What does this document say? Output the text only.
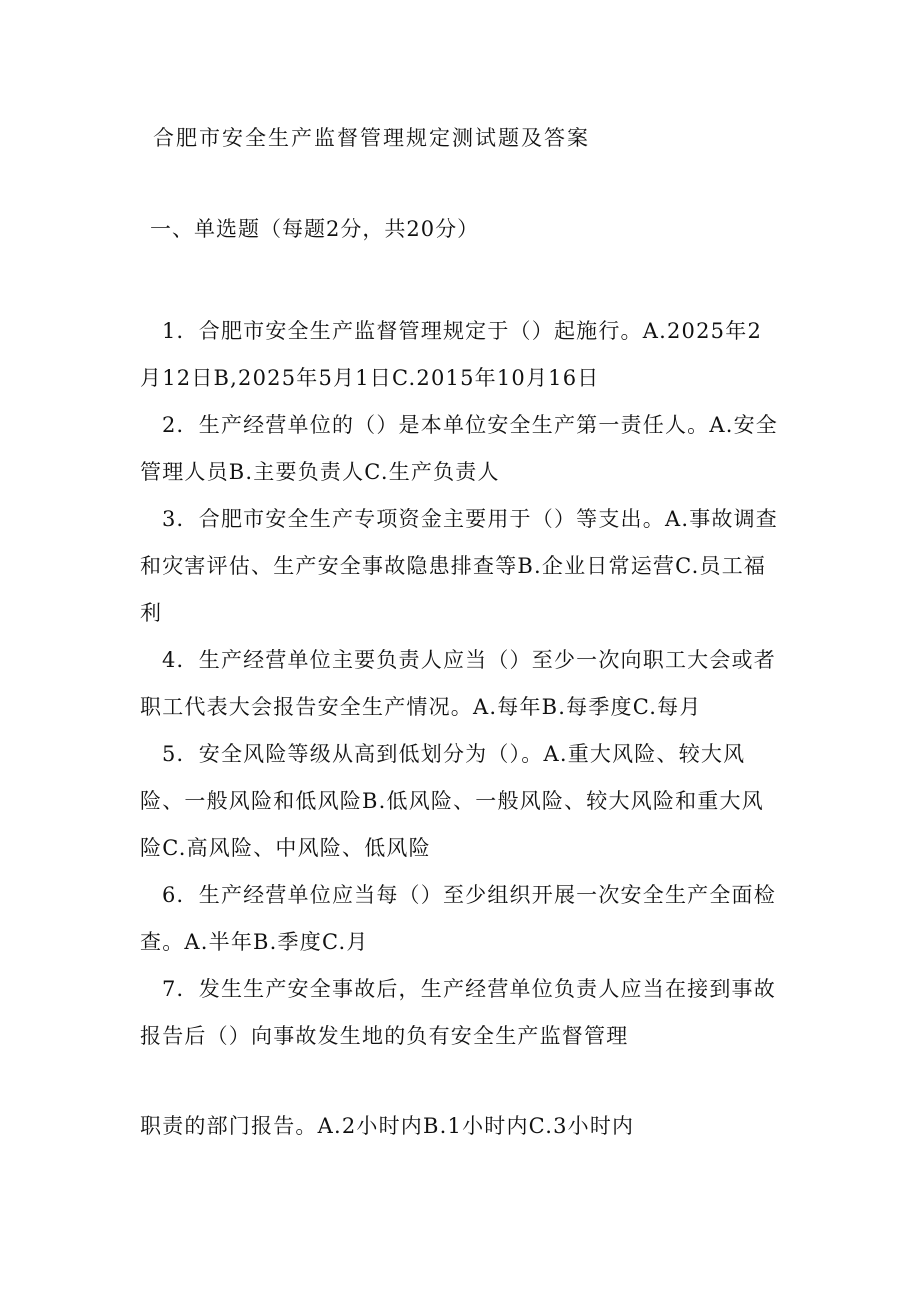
合肥市安全生产监督管理规定测试题及答案
一、单选题（每题2分，共20分）

1．合肥市安全生产监督管理规定于（）起施行。A.2025年2月12日B,2025年5月1日C.2015年10月16日

2．生产经营单位的（）是本单位安全生产第一责任人。A.安全管理人员B.主要负责人C.生产负责人

3．合肥市安全生产专项资金主要用于（）等支出。A.事故调查和灾害评估、生产安全事故隐患排查等B.企业日常运营C.员工福利

4．生产经营单位主要负责人应当（）至少一次向职工大会或者职工代表大会报告安全生产情况。A.每年B.每季度C.每月

5．安全风险等级从高到低划分为（）。A.重大风险、较大风险、一般风险和低风险B.低风险、一般风险、较大风险和重大风险C.高风险、中风险、低风险

6．生产经营单位应当每（）至少组织开展一次安全生产全面检查。A.半年B.季度C.月

7．发生生产安全事故后，生产经营单位负责人应当在接到事故报告后（）向事故发生地的负有安全生产监督管理

职责的部门报告。A.2小时内B.1小时内C.3小时内
